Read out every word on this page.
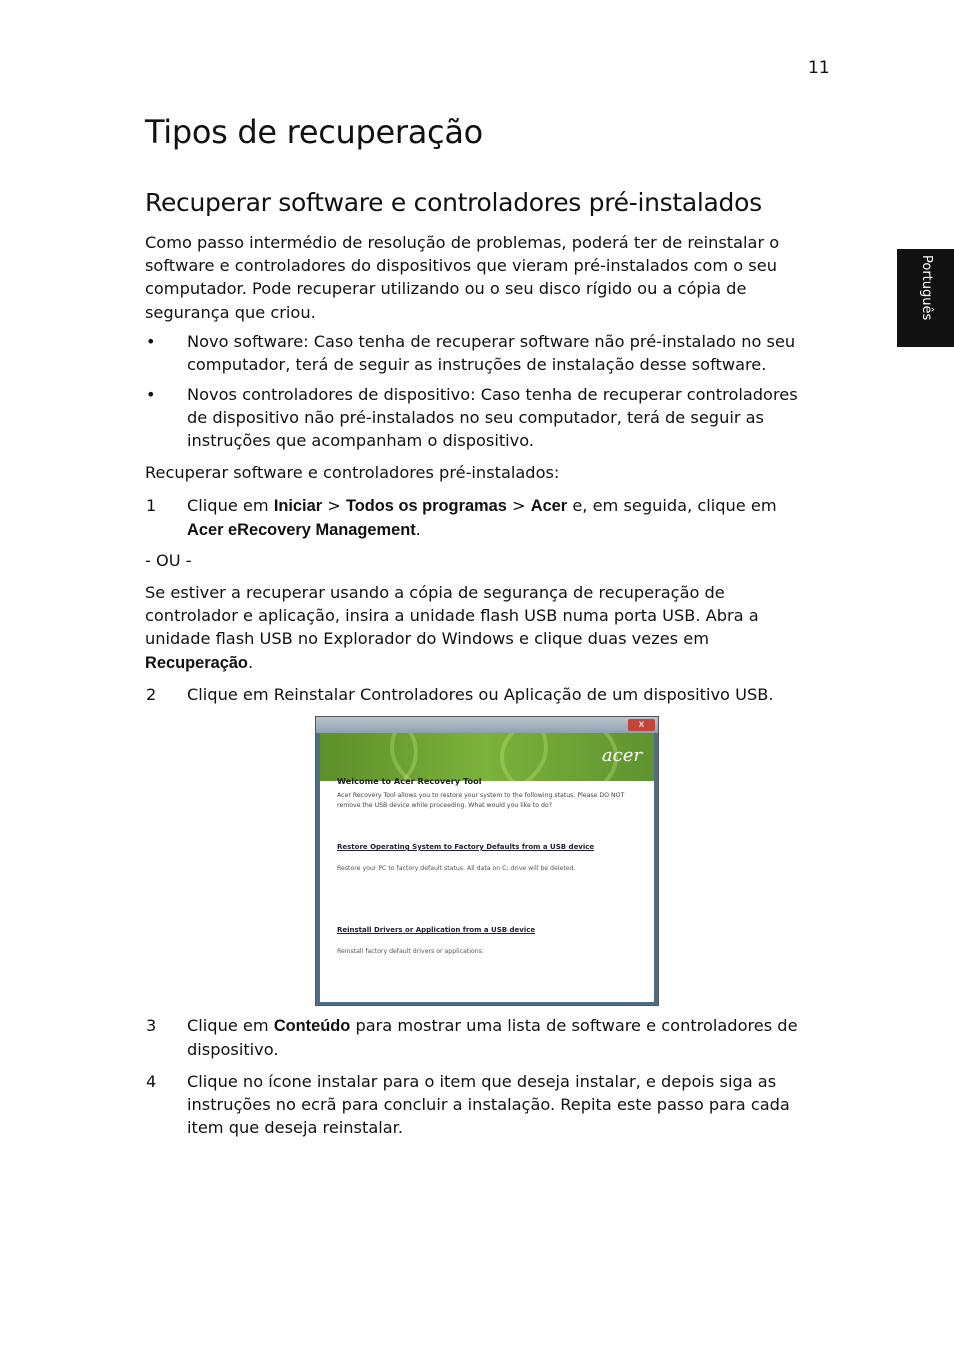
11
Português
Tipos de recuperação
Recuperar software e controladores pré-instalados

Como passo intermédio de resolução de problemas, poderá ter de reinstalar o
software e controladores do dispositivos que vieram pré-instalados com o seu
computador. Pode recuperar utilizando ou o seu disco rígido ou a cópia de
segurança que criou.

• Novo software: Caso tenha de recuperar software não pré-instalado no seu
computador, terá de seguir as instruções de instalação desse software.

• Novos controladores de dispositivo: Caso tenha de recuperar controladores
de dispositivo não pré-instalados no seu computador, terá de seguir as
instruções que acompanham o dispositivo.

Recuperar software e controladores pré-instalados:

1 Clique em Iniciar > Todos os programas > Acer e, em seguida, clique em
Acer eRecovery Management.

- OU -

Se estiver a recuperar usando a cópia de segurança de recuperação de
controlador e aplicação, insira a unidade flash USB numa porta USB. Abra a
unidade flash USB no Explorador do Windows e clique duas vezes em
Recuperação.

2 Clique em Reinstalar Controladores ou Aplicação de um dispositivo USB.

x
acer
Welcome to Acer Recovery Tool
Acer Recovery Tool allows you to restore your system to the following status. Please DO NOT remove the USB device while proceeding. What would you like to do?
Restore Operating System to Factory Defaults from a USB device
Restore your PC to factory default status. All data on C: drive will be deleted.
Reinstall Drivers or Application from a USB device
Reinstall factory default drivers or applications.
3 Clique em Conteúdo para mostrar uma lista de software e controladores de
dispositivo.

4 Clique no ícone instalar para o item que deseja instalar, e depois siga as
instruções no ecrã para concluir a instalação. Repita este passo para cada
item que deseja reinstalar.
